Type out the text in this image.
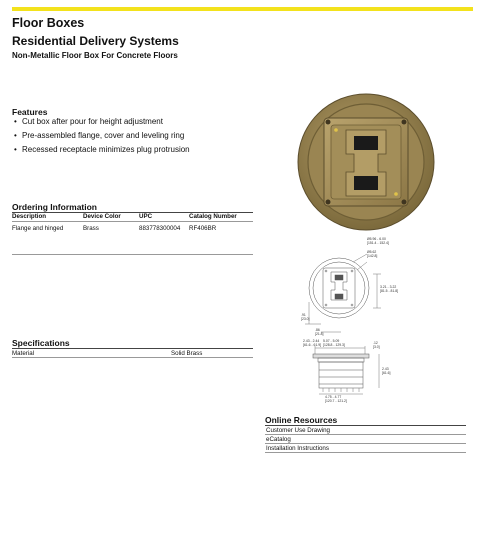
Floor Boxes
Residential Delivery Systems
Non-Metallic Floor Box For Concrete Floors
Features
• Cut box after pour for height adjustment
• Pre-assembled flange, cover and leveling ring
• Recessed receptacle minimizes plug protrusion
Ordering Information
Description	Device Color	UPC	Catalog Number
Flange and hinged	Brass	883778300004 RF406BR
Specifications
Material	Solid Brass
Ø5.96 - 6.00
[151.4 - 152.4]
Ø5.62
[142.8]
3.21 - 3.22
[81.5 - 81.8]
.91
[23.0]
.86
[21.8]
2.43 - 2.44
[61.6 - 61.9]
5.07 - 5.09
[128.8 - 129.3]	.12
[3.0]
2.43
[61.6]
4.75 - 4.77
[120.7 - 121.2]
Online Resources
Customer Use Drawing
eCatalog
Installation Instructions
